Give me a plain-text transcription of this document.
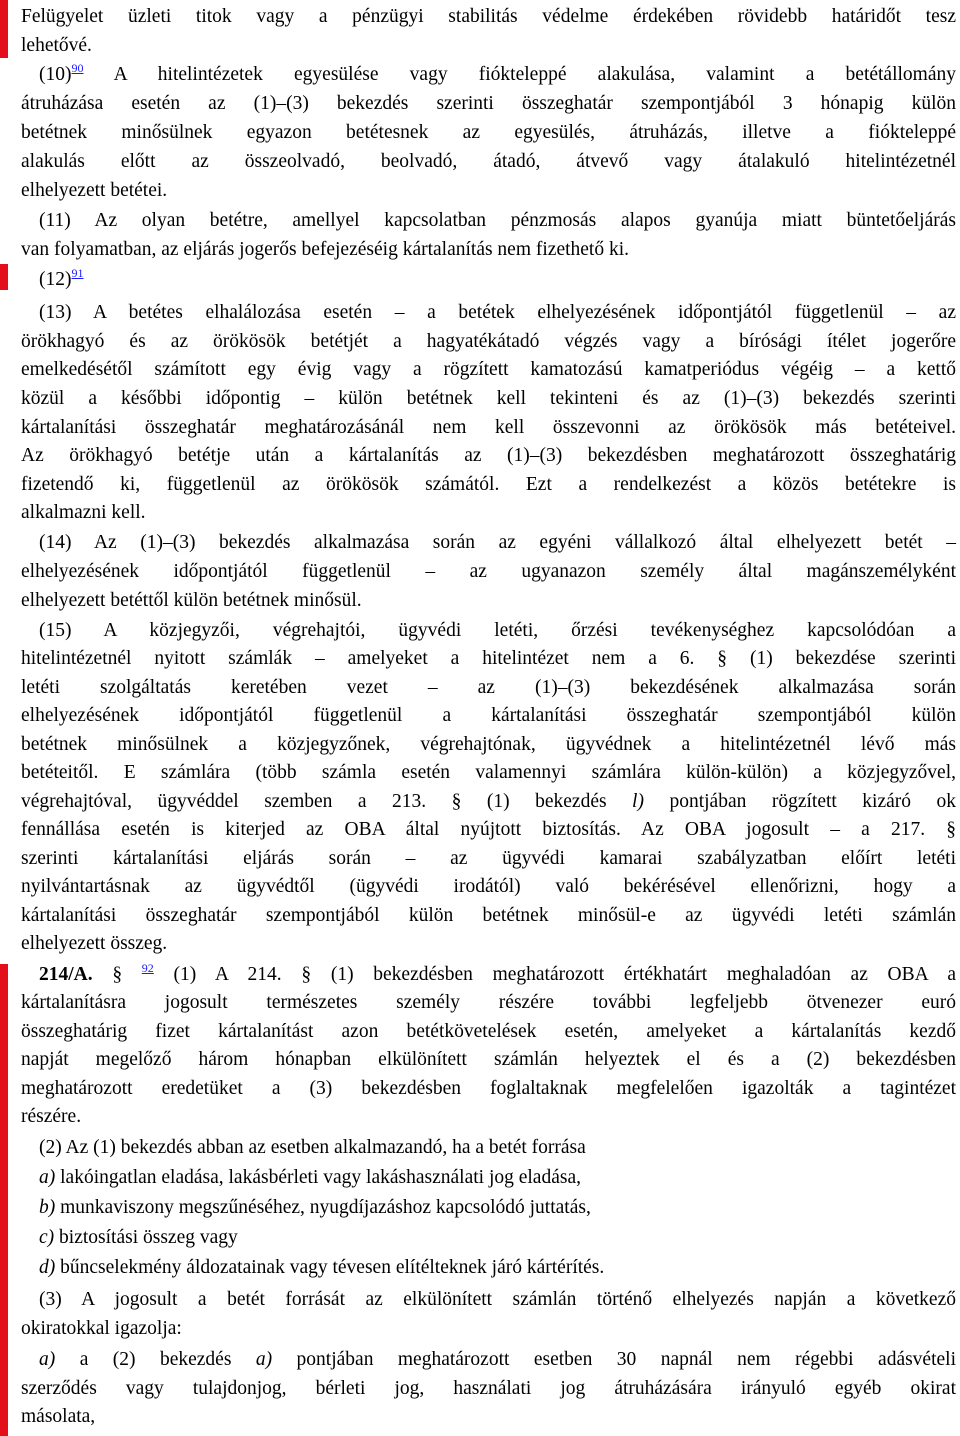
Felügyelet üzleti titok vagy a pénzügyi stabilitás védelme érdekében rövidebb határidőt tesz
lehetővé.
$(10)^{90}$ A hitelintézetek egyesülése vagy fiókteleppé alakulása, valamint a betétállomány
átruházása esetén az (1)–(3) bekezdés szerinti összeghatár szempontjából 3 hónapig külön
betétnek minősülnek egyazon betétesnek az egyesülés, átruházás, illetve a fiókteleppé
alakulás előtt az összeolvadó, beolvadó, átadó, átvevő vagy átalakuló hitelintézetnél
elhelyezett betétei.
(11) Az olyan betétre, amellyel kapcsolatban pénzmosás alapos gyanúja miatt büntetőeljárás
van folyamatban, az eljárás jogerős befejezéséig kártalanítás nem fizethető ki.
$(12)^{91}$
(13) A betétes elhalálozása esetén – a betétek elhelyezésének időpontjától függetlenül – az
örökhagyó és az örökösök betétjét a hagyatékátadó végzés vagy a bírósági ítélet jogerőre
emelkedésétől számított egy évig vagy a rögzített kamatozású kamatperiódus végéig – a kettő
közül a későbbi időpontig – külön betétnek kell tekinteni és az (1)–(3) bekezdés szerinti
kártalanítási összeghatár meghatározásánál nem kell összevonni az örökösök más betéteivel.
Az örökhagyó betétje után a kártalanítás az (1)–(3) bekezdésben meghatározott összeghatárig
fizetendő ki, függetlenül az örökösök számától. Ezt a rendelkezést a közös betétekre is
alkalmazni kell.
(14) Az (1)–(3) bekezdés alkalmazása során az egyéni vállalkozó által elhelyezett betét –
elhelyezésének időpontjától függetlenül – az ugyanazon személy által magánszemélyként
elhelyezett betéttől külön betétnek minősül.
(15) A közjegyzői, végrehajtói, ügyvédi letéti, őrzési tevékenységhez kapcsolódóan a
hitelintézetnél nyitott számlák – amelyeket a hitelintézet nem a 6. § (1) bekezdése szerinti
letéti szolgáltatás keretében vezet – az (1)–(3) bekezdésének alkalmazása során
elhelyezésének időpontjától függetlenül a kártalanítási összeghatár szempontjából külön
betétnek minősülnek a közjegyzőnek, végrehajtónak, ügyvédnek a hitelintézetnél lévő más
betéteitől. E számlára (több számla esetén valamennyi számlára külön-külön) a közjegyzővel,
végrehajtóval, ügyvéddel szemben a 213. § (1) bekezdés l) pontjában rögzített kizáró ok
fennállása esetén is kiterjed az OBA által nyújtott biztosítás. Az OBA jogosult – a 217. §
szerinti kártalanítási eljárás során – az ügyvédi kamarai szabályzatban előírt letéti
nyilvántartásnak az ügyvédtől (ügyvédi irodától) való bekérésével ellenőrizni, hogy a
kártalanítási összeghatár szempontjából külön betétnek minősül-e az ügyvédi letéti számlán
elhelyezett összeg.
214/A. § $^{92}$ (1) A 214. § (1) bekezdésben meghatározott értékhatárt meghaladóan az OBA a
kártalanításra jogosult természetes személy részére további legfeljebb ötvenezer euró
összeghatárig fizet kártalanítást azon betétkövetelések esetén, amelyeket a kártalanítás kezdő
napját megelőző három hónapban elkülönített számlán helyeztek el és a (2) bekezdésben
meghatározott eredetüket a (3) bekezdésben foglaltaknak megfelelően igazolták a tagintézet
részére.
(2) Az (1) bekezdés abban az esetben alkalmazandó, ha a betét forrása
a) lakóingatlan eladása, lakásbérleti vagy lakáshasználati jog eladása,
b) munkaviszony megszűnéséhez, nyugdíjazáshoz kapcsolódó juttatás,
c) biztosítási összeg vagy
d) bűncselekmény áldozatainak vagy tévesen elítélteknek járó kártérítés.
(3) A jogosult a betét forrását az elkülönített számlán történő elhelyezés napján a következő
okiratokkal igazolja:
a) a (2) bekezdés a) pontjában meghatározott esetben 30 napnál nem régebbi adásvételi
szerződés vagy tulajdonjog, bérleti jog, használati jog átruházására irányuló egyéb okirat
másolata,
